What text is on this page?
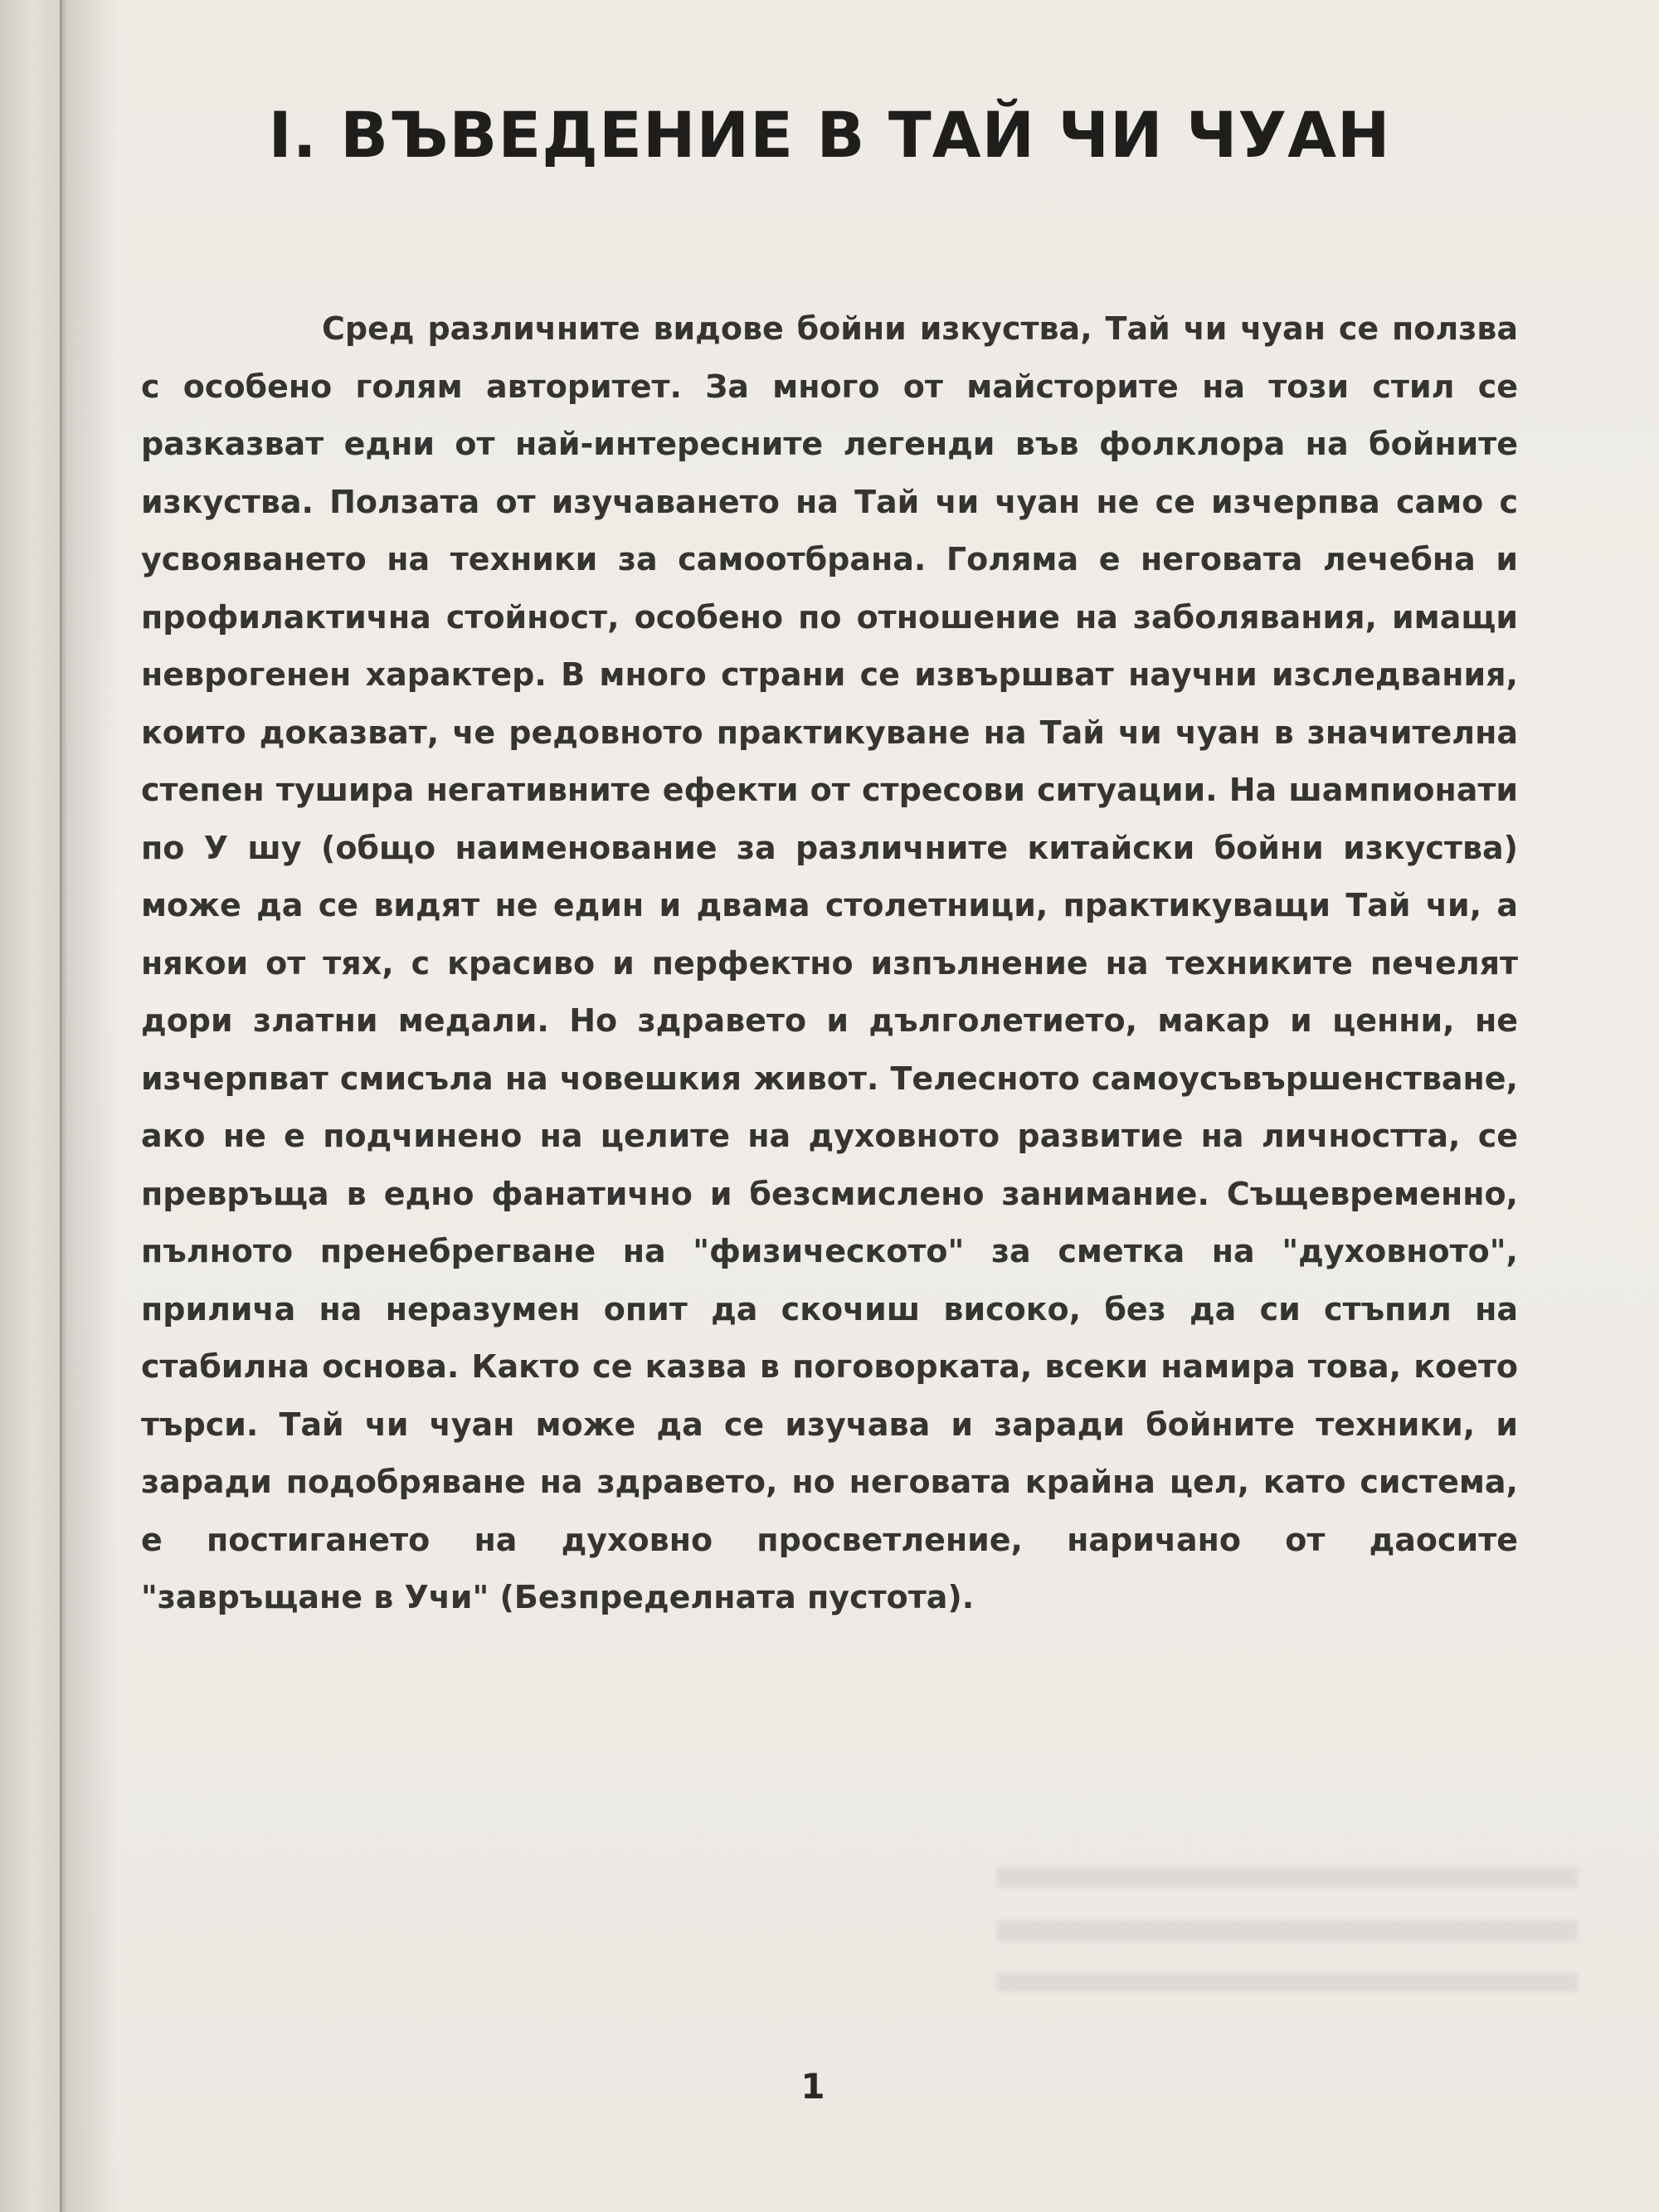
I. ВЪВЕДЕНИЕ В ТАЙ ЧИ ЧУАН

Сред различните видове бойни изкуства, Тай чи чуан се ползва с особено голям авторитет. За много от майсторите на този стил се разказват едни от най-интересните легенди във фолклора на бойните изкуства. Ползата от изучаването на Тай чи чуан не се изчерпва само с усвояването на техники за самоотбрана. Голяма е неговата лечебна и профилактична стойност, особено по отношение на заболявания, имащи неврогенен характер. В много страни се извършват научни изследвания, които доказват, че редовното практикуване на Тай чи чуан в значителна степен тушира негативните ефекти от стресови ситуации. На шампионати по У шу (общо наименование за различните китайски бойни изкуства) може да се видят не един и двама столетници, практикуващи Тай чи, а някои от тях, с красиво и перфектно изпълнение на техниките печелят дори златни медали. Но здравето и дълголетието, макар и ценни, не изчерпват смисъла на човешкия живот. Телесното самоусъвършенстване, ако не е подчинено на целите на духовното развитие на личността, се превръща в едно фанатично и безсмислено занимание. Същевременно, пълното пренебрегване на "физическото" за сметка на "духовното", прилича на неразумен опит да скочиш високо, без да си стъпил на стабилна основа. Както се казва в поговорката, всеки намира това, което търси. Тай чи чуан може да се изучава и заради бойните техники, и заради подобряване на здравето, но неговата крайна цел, като система, е постигането на духовно просветление, наричано от даосите "завръщане в Учи" (Безпределната пустота).

1
